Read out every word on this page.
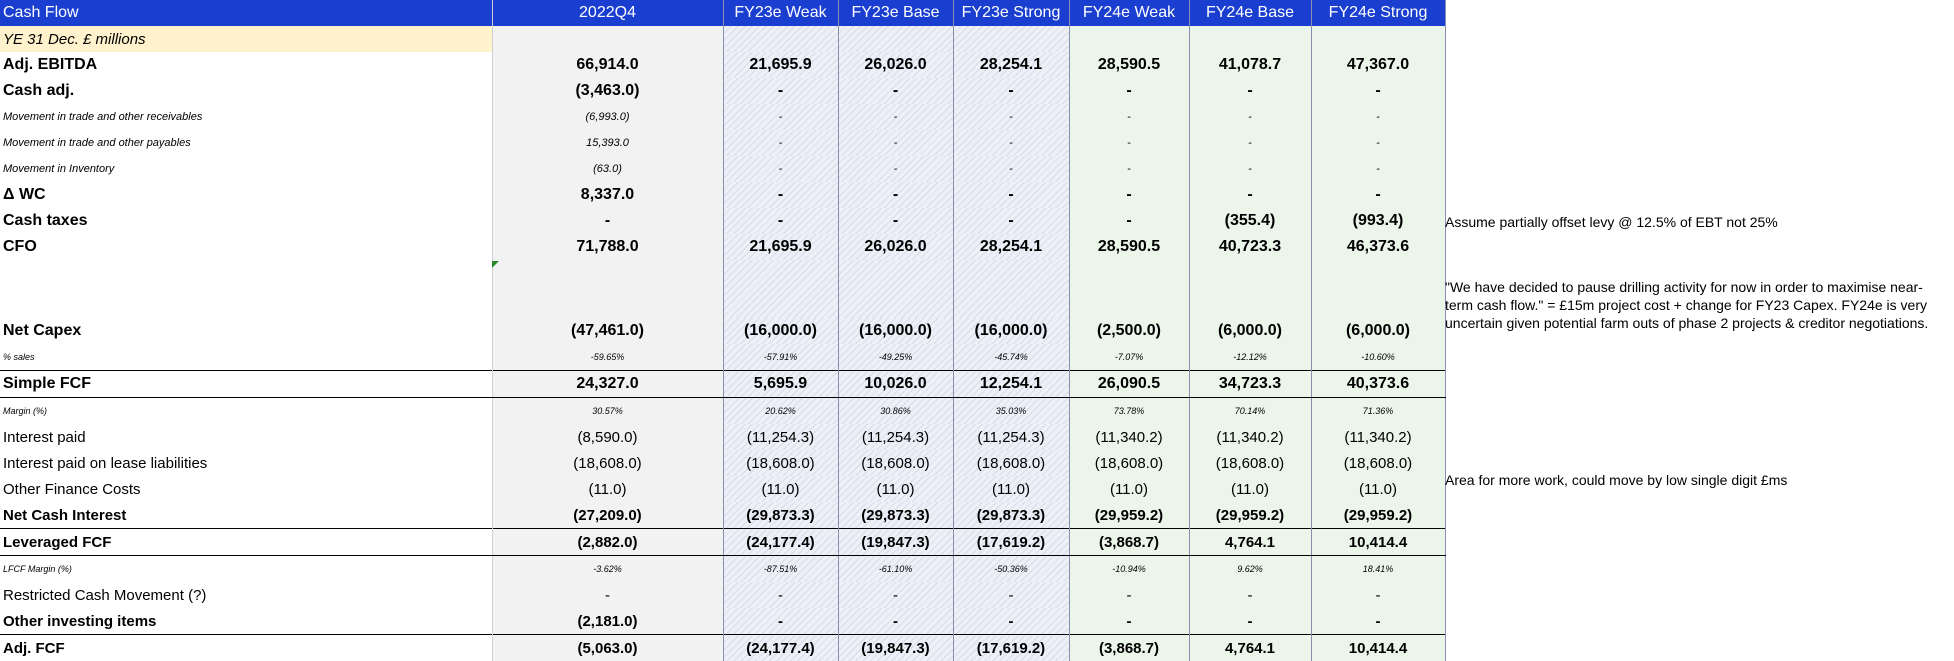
Cash Flow	2022Q4	FY23e Weak	FY23e Base	FY23e Strong	FY24e Weak	FY24e Base	FY24e Strong
YE 31 Dec. £ millions							
Adj. EBITDA	66,914.0	21,695.9	26,026.0	28,254.1	28,590.5	41,078.7	47,367.0
Cash adj.	(3,463.0)	-	-	-	-	-	-
Movement in trade and other receivables	(6,993.0)	-	-	-	-	-	-
Movement in trade and other payables	15,393.0	-	-	-	-	-	-
Movement in Inventory	(63.0)	-	-	-	-	-	-
Δ WC	8,337.0	-	-	-	-	-	-
Cash taxes	-	-	-	-	-	(355.4)	(993.4)
CFO	71,788.0	21,695.9	26,026.0	28,254.1	28,590.5	40,723.3	46,373.6

Net Capex	(47,461.0)	(16,000.0)	(16,000.0)	(16,000.0)	(2,500.0)	(6,000.0)	(6,000.0)
% sales	-59.65%	-57.91%	-49.25%	-45.74%	-7.07%	-12.12%	-10.60%
Simple FCF	24,327.0	5,695.9	10,026.0	12,254.1	26,090.5	34,723.3	40,373.6
Margin (%)	30.57%	20.62%	30.86%	35.03%	73.78%	70.14%	71.36%
Interest paid	(8,590.0)	(11,254.3)	(11,254.3)	(11,254.3)	(11,340.2)	(11,340.2)	(11,340.2)
Interest paid on lease liabilities	(18,608.0)	(18,608.0)	(18,608.0)	(18,608.0)	(18,608.0)	(18,608.0)	(18,608.0)
Other Finance Costs	(11.0)	(11.0)	(11.0)	(11.0)	(11.0)	(11.0)	(11.0)
Net Cash Interest	(27,209.0)	(29,873.3)	(29,873.3)	(29,873.3)	(29,959.2)	(29,959.2)	(29,959.2)
Leveraged FCF	(2,882.0)	(24,177.4)	(19,847.3)	(17,619.2)	(3,868.7)	4,764.1	10,414.4
LFCF Margin (%)	-3.62%	-87.51%	-61.10%	-50.36%	-10.94%	9.62%	18.41%
Restricted Cash Movement (?)	-	-	-	-	-	-	-
Other investing items	(2,181.0)	-	-	-	-	-	-
Adj. FCF	(5,063.0)	(24,177.4)	(19,847.3)	(17,619.2)	(3,868.7)	4,764.1	10,414.4
Assume partially offset levy @ 12.5% of EBT not 25%
"We have decided to pause drilling activity for now in order to maximise near-term cash flow." = £15m project cost + change for FY23 Capex. FY24e is very uncertain given potential farm outs of phase 2 projects & creditor negotiations.
Area for more work, could move by low single digit £ms
